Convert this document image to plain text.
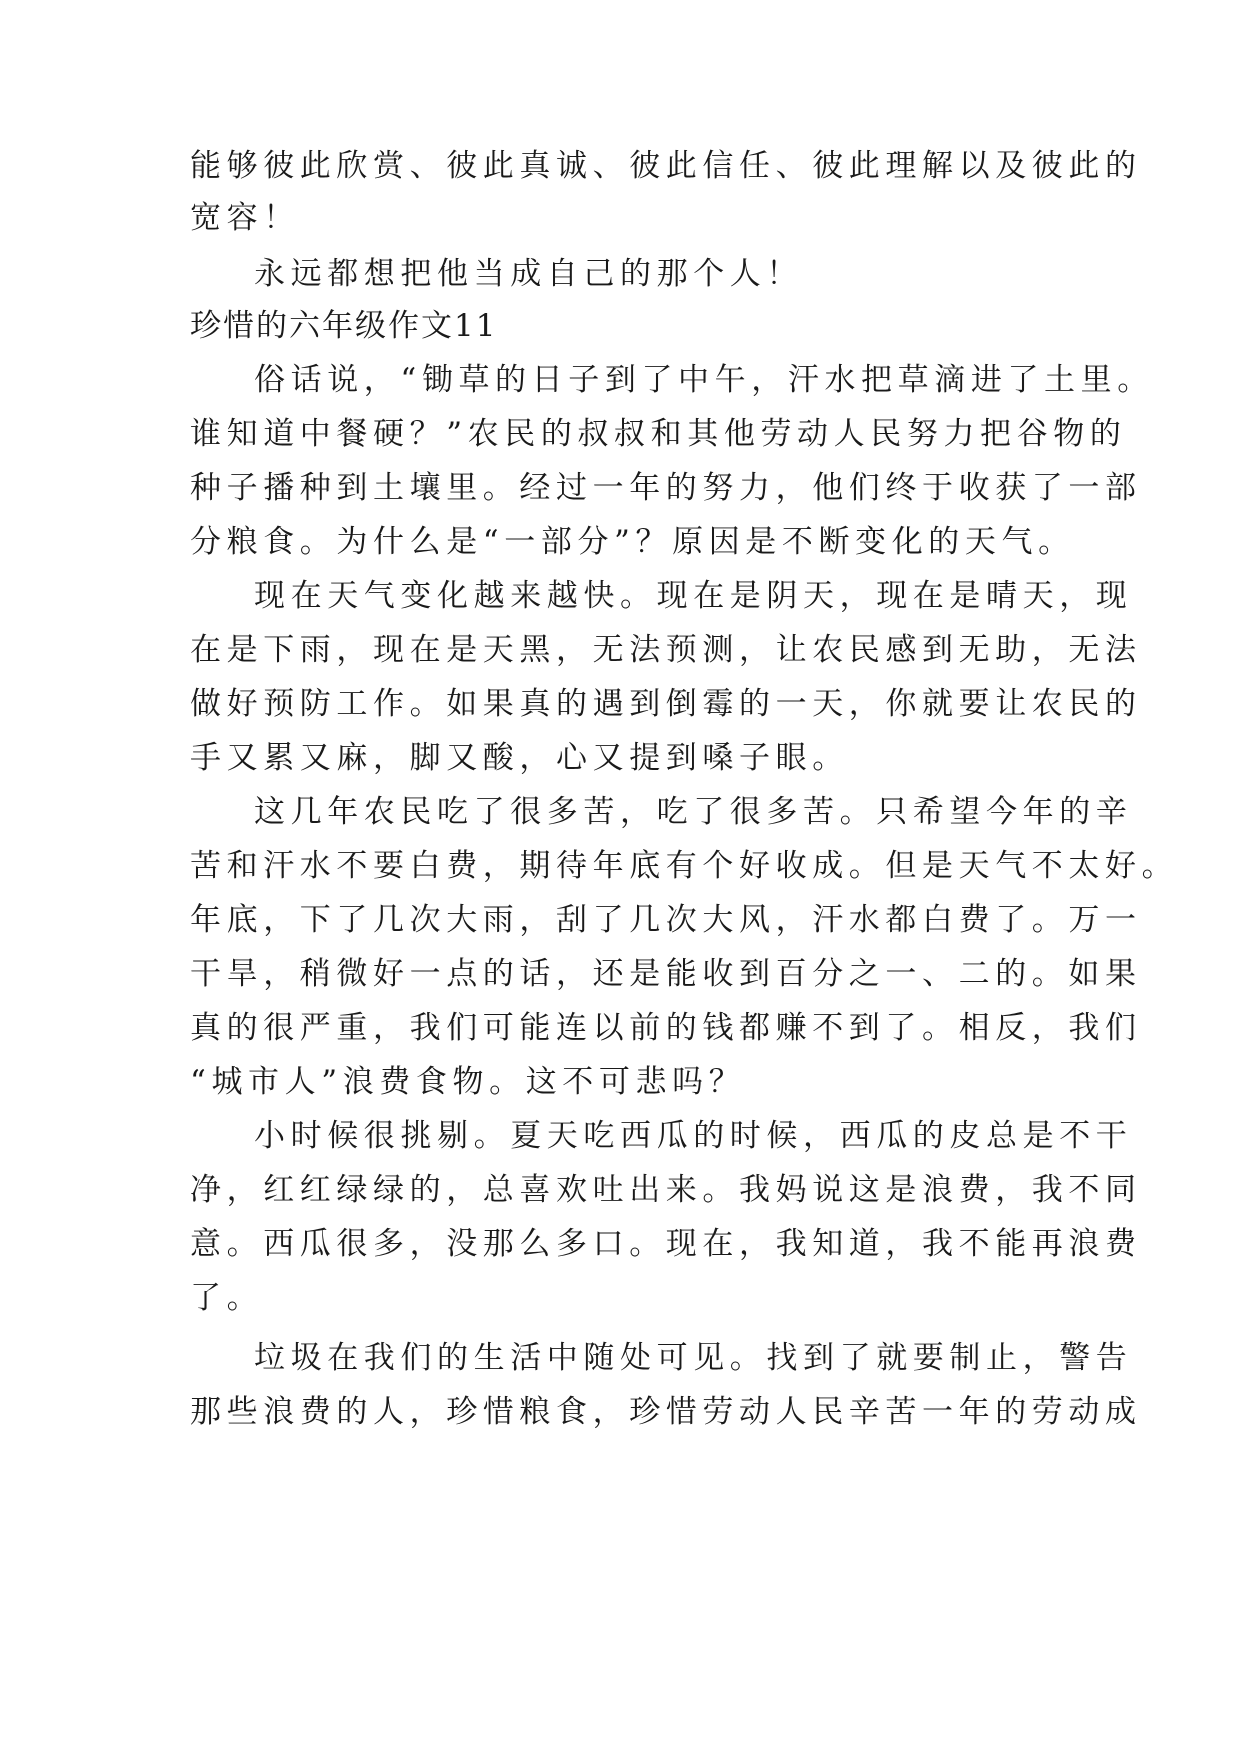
能够彼此欣赏、彼此真诚、彼此信任、彼此理解以及彼此的
宽容！
永远都想把他当成自己的那个人！
珍惜的六年级作文11
俗话说，“锄草的日子到了中午，汗水把草滴进了土里。
谁知道中餐硬？”农民的叔叔和其他劳动人民努力把谷物的
种子播种到土壤里。经过一年的努力，他们终于收获了一部
分粮食。为什么是“一部分”？原因是不断变化的天气。
现在天气变化越来越快。现在是阴天，现在是晴天，现
在是下雨，现在是天黑，无法预测，让农民感到无助，无法
做好预防工作。如果真的遇到倒霉的一天，你就要让农民的
手又累又麻，脚又酸，心又提到嗓子眼。
这几年农民吃了很多苦，吃了很多苦。只希望今年的辛
苦和汗水不要白费，期待年底有个好收成。但是天气不太好。
年底，下了几次大雨，刮了几次大风，汗水都白费了。万一
干旱，稍微好一点的话，还是能收到百分之一、二的。如果
真的很严重，我们可能连以前的钱都赚不到了。相反，我们
“城市人”浪费食物。这不可悲吗？
小时候很挑剔。夏天吃西瓜的时候，西瓜的皮总是不干
净，红红绿绿的，总喜欢吐出来。我妈说这是浪费，我不同
意。西瓜很多，没那么多口。现在，我知道，我不能再浪费
了。
垃圾在我们的生活中随处可见。找到了就要制止，警告
那些浪费的人，珍惜粮食，珍惜劳动人民辛苦一年的劳动成
